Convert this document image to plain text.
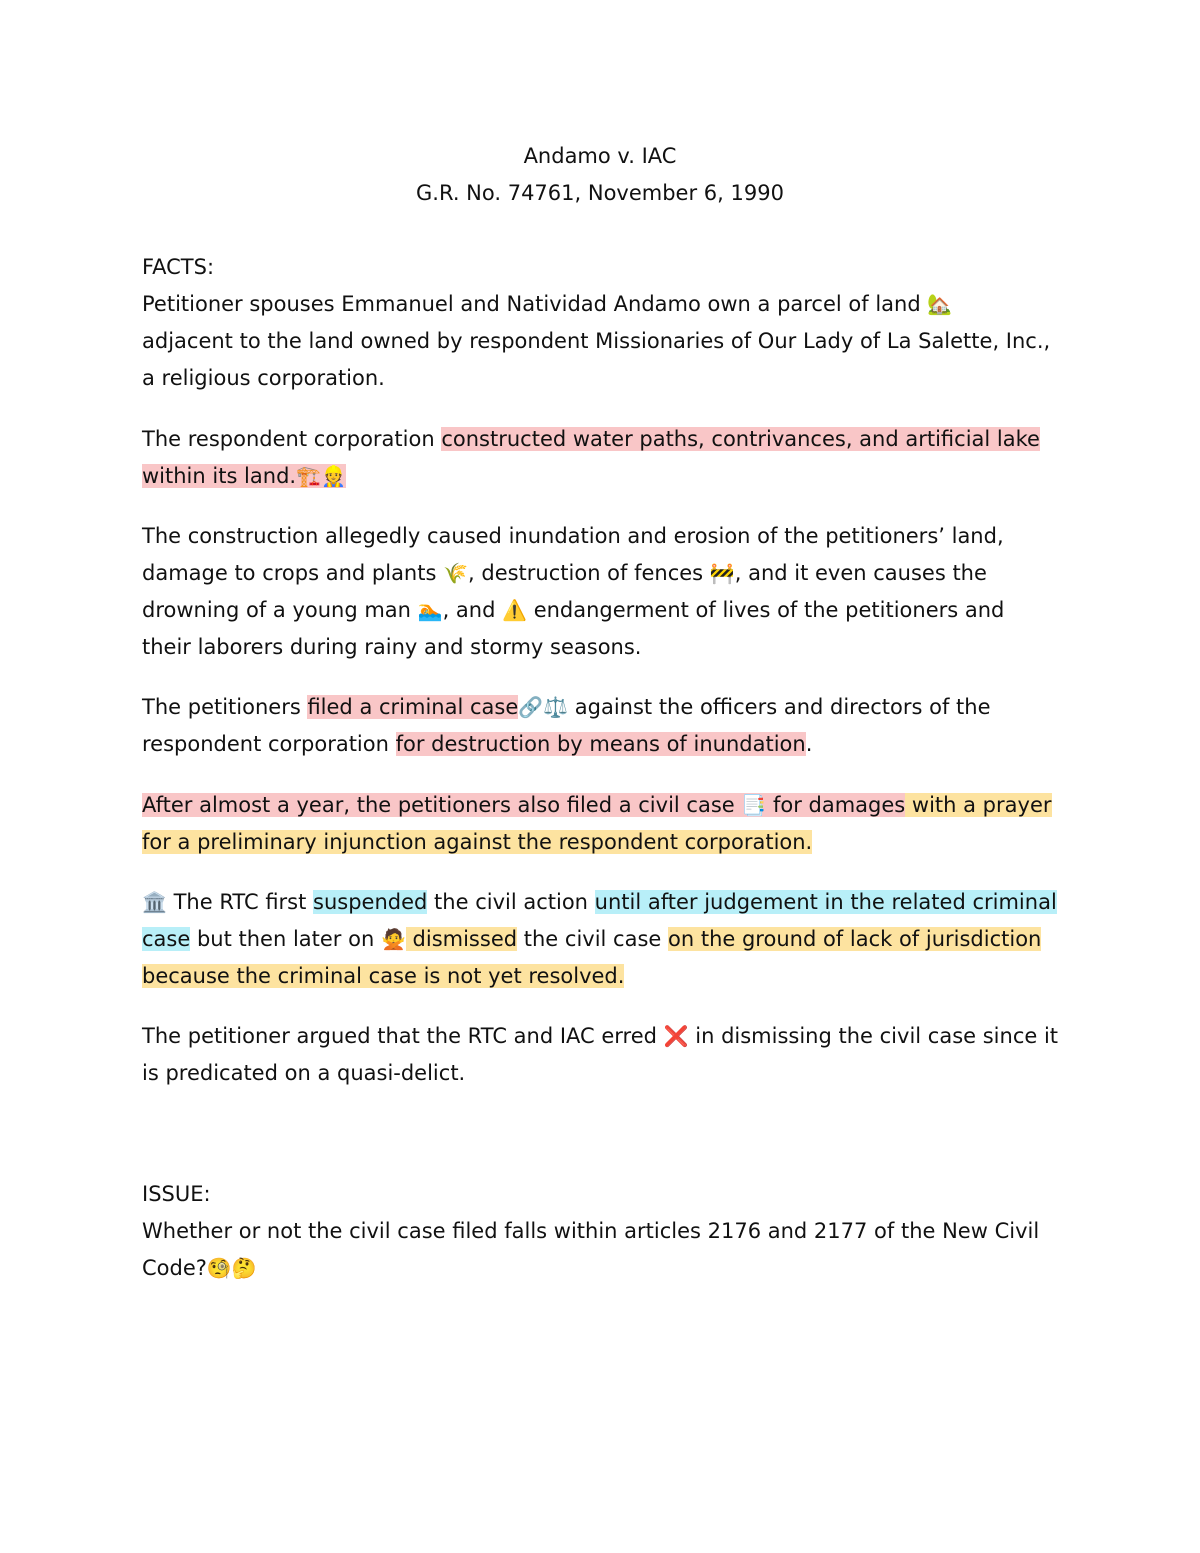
Andamo v. IAC
G.R. No. 74761, November 6, 1990
FACTS:
Petitioner spouses Emmanuel and Natividad Andamo own a parcel of land 🏡
adjacent to the land owned by respondent Missionaries of Our Lady of La Salette, Inc.,
a religious corporation.
The respondent corporation constructed water paths, contrivances, and artificial lake
within its land.🏗️👷
The construction allegedly caused inundation and erosion of the petitioners’ land,
damage to crops and plants 🌾, destruction of fences 🚧, and it even causes the
drowning of a young man 🏊, and ⚠️ endangerment of lives of the petitioners and
their laborers during rainy and stormy seasons.
The petitioners filed a criminal case🔗⚖️ against the officers and directors of the
respondent corporation for destruction by means of inundation.
After almost a year, the petitioners also filed a civil case 📑 for damages with a prayer
for a preliminary injunction against the respondent corporation.
🏛️ The RTC first suspended the civil action until after judgement in the related criminal
case but then later on 🙅 dismissed the civil case on the ground of lack of jurisdiction
because the criminal case is not yet resolved.
The petitioner argued that the RTC and IAC erred ❌ in dismissing the civil case since it
is predicated on a quasi-delict.
ISSUE:
Whether or not the civil case filed falls within articles 2176 and 2177 of the New Civil
Code?🧐🤔
